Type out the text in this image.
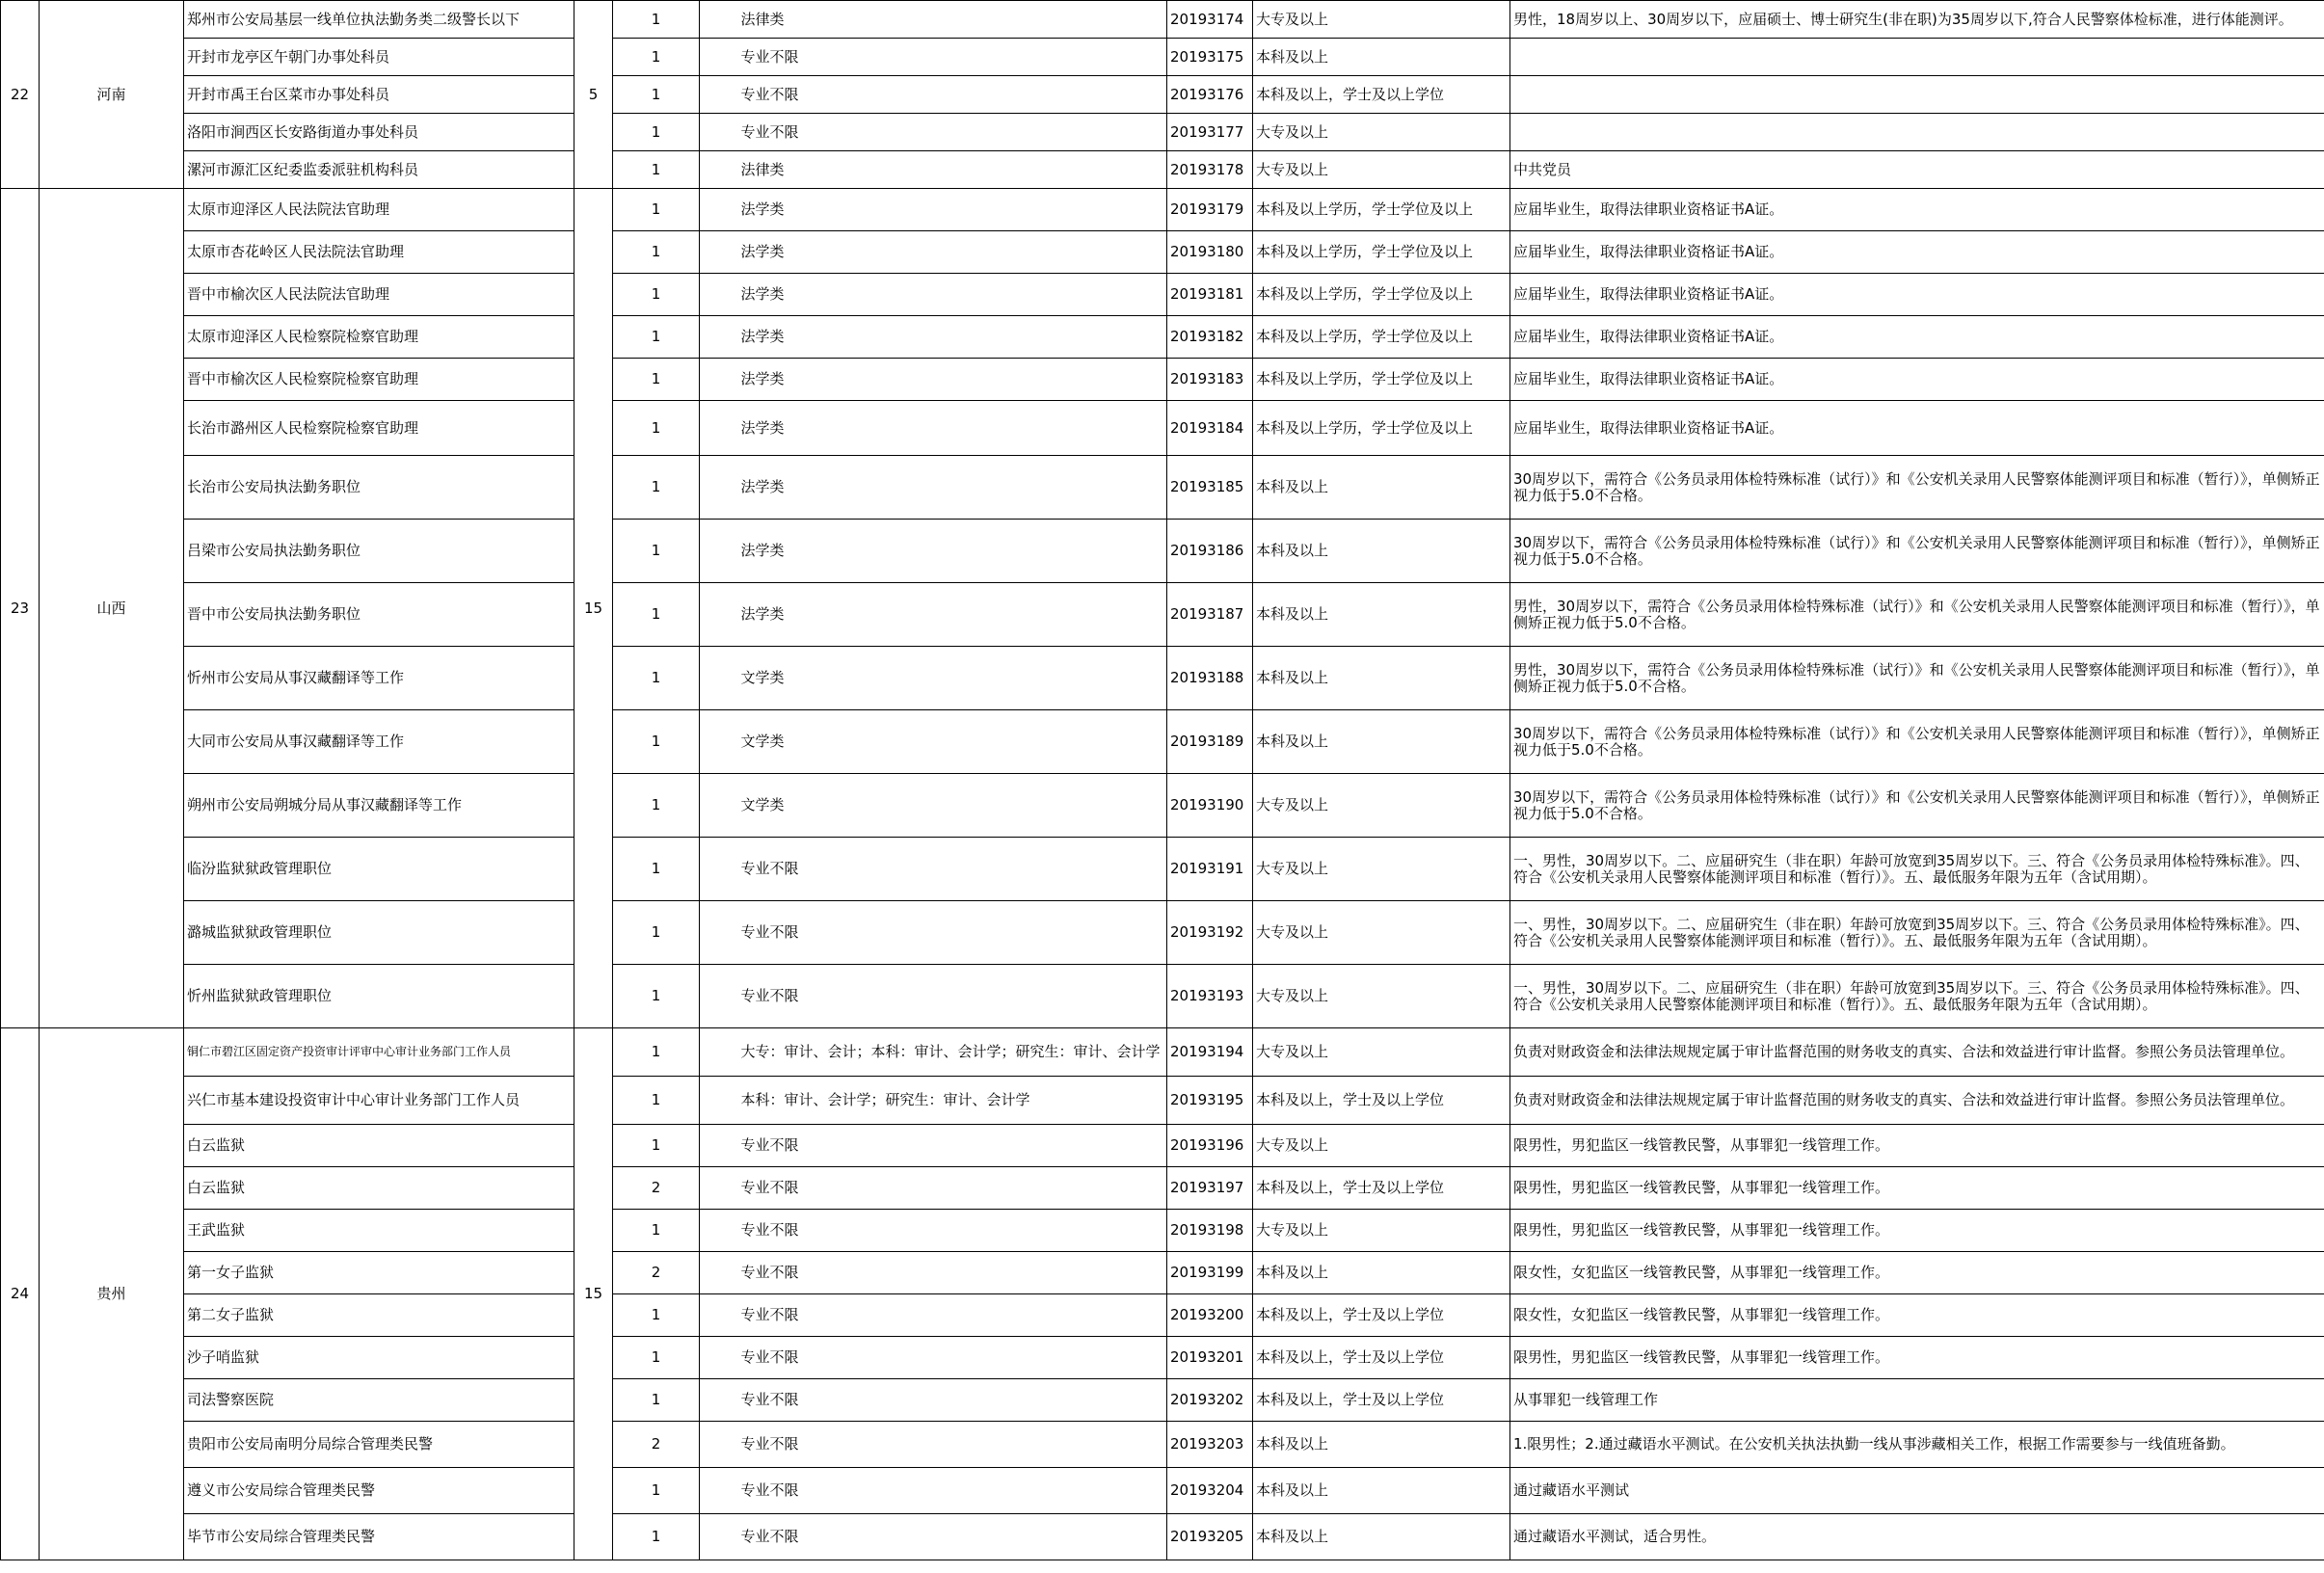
22	河南	郑州市公安局基层一线单位执法勤务类二级警长以下	5	1		法律类	20193174	大专及以上	男性，18周岁以上、30周岁以下，应届硕士、博士研究生(非在职)为35周岁以下,符合人民警察体检标准，进行体能测评。
		开封市龙亭区午朝门办事处科员		1		专业不限	20193175	本科及以上	
		开封市禹王台区菜市办事处科员		1		专业不限	20193176	本科及以上，学士及以上学位	
		洛阳市涧西区长安路街道办事处科员		1		专业不限	20193177	大专及以上	
		漯河市源汇区纪委监委派驻机构科员		1		法律类	20193178	大专及以上	中共党员
23	山西	太原市迎泽区人民法院法官助理	15	1		法学类	20193179	本科及以上学历，学士学位及以上	应届毕业生，取得法律职业资格证书A证。
		太原市杏花岭区人民法院法官助理		1		法学类	20193180	本科及以上学历，学士学位及以上	应届毕业生，取得法律职业资格证书A证。
		晋中市榆次区人民法院法官助理		1		法学类	20193181	本科及以上学历，学士学位及以上	应届毕业生，取得法律职业资格证书A证。
		太原市迎泽区人民检察院检察官助理		1		法学类	20193182	本科及以上学历，学士学位及以上	应届毕业生，取得法律职业资格证书A证。
		晋中市榆次区人民检察院检察官助理		1		法学类	20193183	本科及以上学历，学士学位及以上	应届毕业生，取得法律职业资格证书A证。
		长治市潞州区人民检察院检察官助理		1		法学类	20193184	本科及以上学历，学士学位及以上	应届毕业生，取得法律职业资格证书A证。
		长治市公安局执法勤务职位		1		法学类	20193185	本科及以上	30周岁以下，需符合《公务员录用体检特殊标准（试行）》和《公安机关录用人民警察体能测评项目和标准（暂行）》，单侧矫正视力低于5.0不合格。
		吕梁市公安局执法勤务职位		1		法学类	20193186	本科及以上	30周岁以下，需符合《公务员录用体检特殊标准（试行）》和《公安机关录用人民警察体能测评项目和标准（暂行）》，单侧矫正视力低于5.0不合格。
		晋中市公安局执法勤务职位		1		法学类	20193187	本科及以上	男性，30周岁以下，需符合《公务员录用体检特殊标准（试行）》和《公安机关录用人民警察体能测评项目和标准（暂行）》，单侧矫正视力低于5.0不合格。
		忻州市公安局从事汉藏翻译等工作		1		文学类	20193188	本科及以上	男性，30周岁以下，需符合《公务员录用体检特殊标准（试行）》和《公安机关录用人民警察体能测评项目和标准（暂行）》，单侧矫正视力低于5.0不合格。
		大同市公安局从事汉藏翻译等工作		1		文学类	20193189	本科及以上	30周岁以下，需符合《公务员录用体检特殊标准（试行）》和《公安机关录用人民警察体能测评项目和标准（暂行）》，单侧矫正视力低于5.0不合格。
		朔州市公安局朔城分局从事汉藏翻译等工作		1		文学类	20193190	大专及以上	30周岁以下，需符合《公务员录用体检特殊标准（试行）》和《公安机关录用人民警察体能测评项目和标准（暂行）》，单侧矫正视力低于5.0不合格。
		临汾监狱狱政管理职位		1		专业不限	20193191	大专及以上	一、男性，30周岁以下。二、应届研究生（非在职）年龄可放宽到35周岁以下。三、符合《公务员录用体检特殊标准》。四、符合《公安机关录用人民警察体能测评项目和标准（暂行）》。五、最低服务年限为五年（含试用期）。
		潞城监狱狱政管理职位		1		专业不限	20193192	大专及以上	一、男性，30周岁以下。二、应届研究生（非在职）年龄可放宽到35周岁以下。三、符合《公务员录用体检特殊标准》。四、符合《公安机关录用人民警察体能测评项目和标准（暂行）》。五、最低服务年限为五年（含试用期）。
		忻州监狱狱政管理职位		1		专业不限	20193193	大专及以上	一、男性，30周岁以下。二、应届研究生（非在职）年龄可放宽到35周岁以下。三、符合《公务员录用体检特殊标准》。四、符合《公安机关录用人民警察体能测评项目和标准（暂行）》。五、最低服务年限为五年（含试用期）。
24	贵州	铜仁市碧江区固定资产投资审计评审中心审计业务部门工作人员	15	1		大专：审计、会计；本科：审计、会计学；研究生：审计、会计学	20193194	大专及以上	负责对财政资金和法律法规规定属于审计监督范围的财务收支的真实、合法和效益进行审计监督。参照公务员法管理单位。
		兴仁市基本建设投资审计中心审计业务部门工作人员		1		本科：审计、会计学；研究生：审计、会计学	20193195	本科及以上，学士及以上学位	负责对财政资金和法律法规规定属于审计监督范围的财务收支的真实、合法和效益进行审计监督。参照公务员法管理单位。
		白云监狱		1		专业不限	20193196	大专及以上	限男性，男犯监区一线管教民警，从事罪犯一线管理工作。
		白云监狱		2		专业不限	20193197	本科及以上，学士及以上学位	限男性，男犯监区一线管教民警，从事罪犯一线管理工作。
		王武监狱		1		专业不限	20193198	大专及以上	限男性，男犯监区一线管教民警，从事罪犯一线管理工作。
		第一女子监狱		2		专业不限	20193199	本科及以上	限女性，女犯监区一线管教民警，从事罪犯一线管理工作。
		第二女子监狱		1		专业不限	20193200	本科及以上，学士及以上学位	限女性，女犯监区一线管教民警，从事罪犯一线管理工作。
		沙子哨监狱		1		专业不限	20193201	本科及以上，学士及以上学位	限男性，男犯监区一线管教民警，从事罪犯一线管理工作。
		司法警察医院		1		专业不限	20193202	本科及以上，学士及以上学位	从事罪犯一线管理工作
		贵阳市公安局南明分局综合管理类民警		2		专业不限	20193203	本科及以上	1.限男性；2.通过藏语水平测试。在公安机关执法执勤一线从事涉藏相关工作，根据工作需要参与一线值班备勤。
		遵义市公安局综合管理类民警		1		专业不限	20193204	本科及以上	通过藏语水平测试
		毕节市公安局综合管理类民警		1		专业不限	20193205	本科及以上	通过藏语水平测试，适合男性。
